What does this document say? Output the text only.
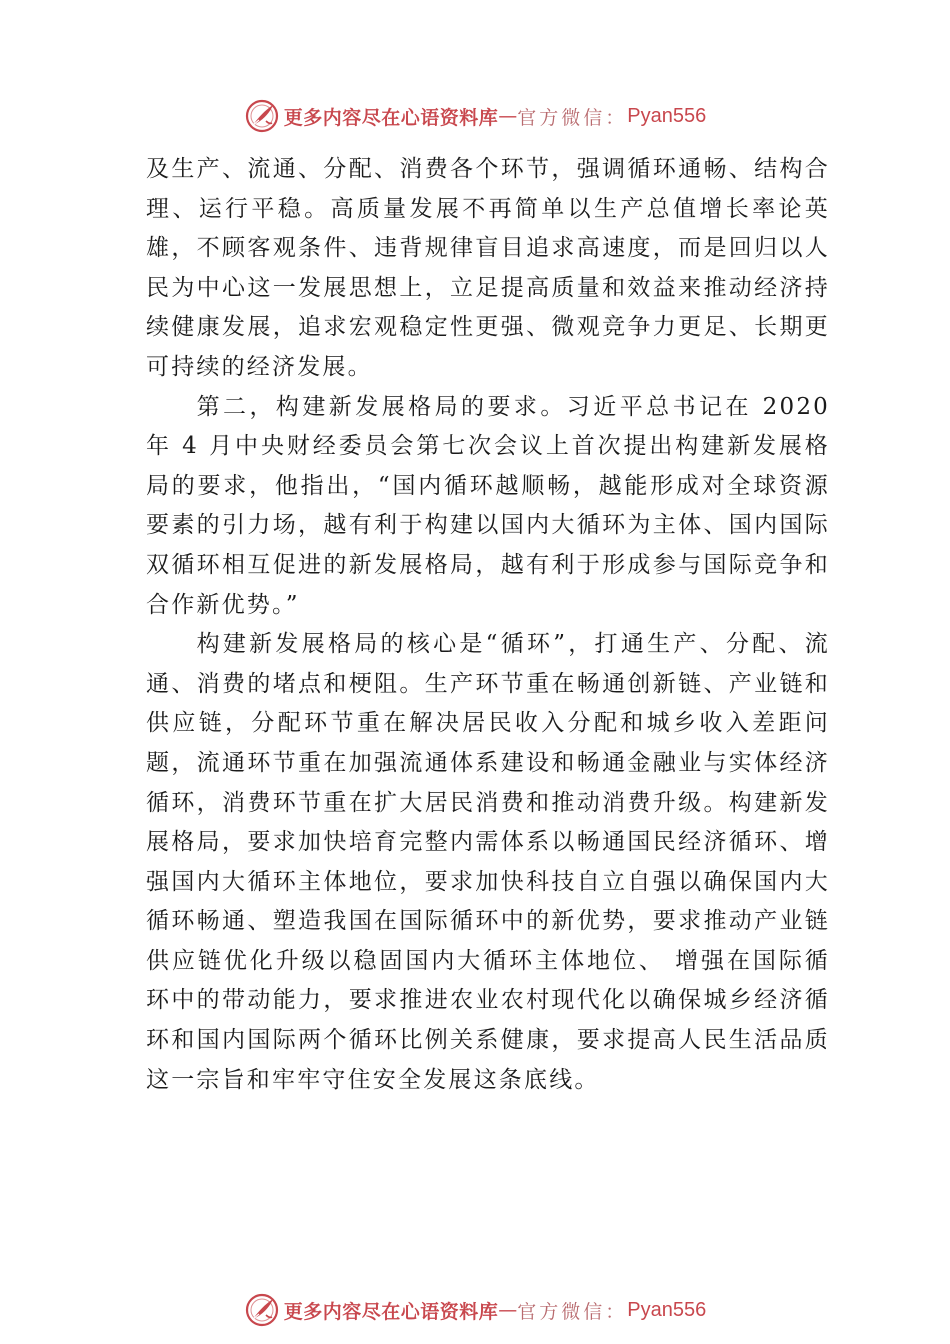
更多内容尽在心语资料库 — 官方微信： Pyan556

及生产、流通、分配、消费各个环节，强调循环通畅、结构合理、运行平稳。高质量发展不再简单以生产总值增长率论英雄，不顾客观条件、违背规律盲目追求高速度，而是回归以人民为中心这一发展思想上，立足提高质量和效益来推动经济持续健康发展，追求宏观稳定性更强、微观竞争力更足、长期更可持续的经济发展。

第二，构建新发展格局的要求。习近平总书记在 2020 年 4 月中央财经委员会第七次会议上首次提出构建新发展格局的要求，他指出，“国内循环越顺畅，越能形成对全球资源要素的引力场，越有利于构建以国内大循环为主体、国内国际双循环相互促进的新发展格局，越有利于形成参与国际竞争和合作新优势。”

构建新发展格局的核心是“循环”，打通生产、分配、流通、消费的堵点和梗阻。生产环节重在畅通创新链、产业链和供应链，分配环节重在解决居民收入分配和城乡收入差距问题，流通环节重在加强流通体系建设和畅通金融业与实体经济循环，消费环节重在扩大居民消费和推动消费升级。构建新发展格局，要求加快培育完整内需体系以畅通国民经济循环、增强国内大循环主体地位，要求加快科技自立自强以确保国内大循环畅通、塑造我国在国际循环中的新优势，要求推动产业链供应链优化升级以稳固国内大循环主体地位、 增强在国际循环中的带动能力，要求推进农业农村现代化以确保城乡经济循环和国内国际两个循环比例关系健康，要求提高人民生活品质这一宗旨和牢牢守住安全发展这条底线。

更多内容尽在心语资料库 — 官方微信： Pyan556
